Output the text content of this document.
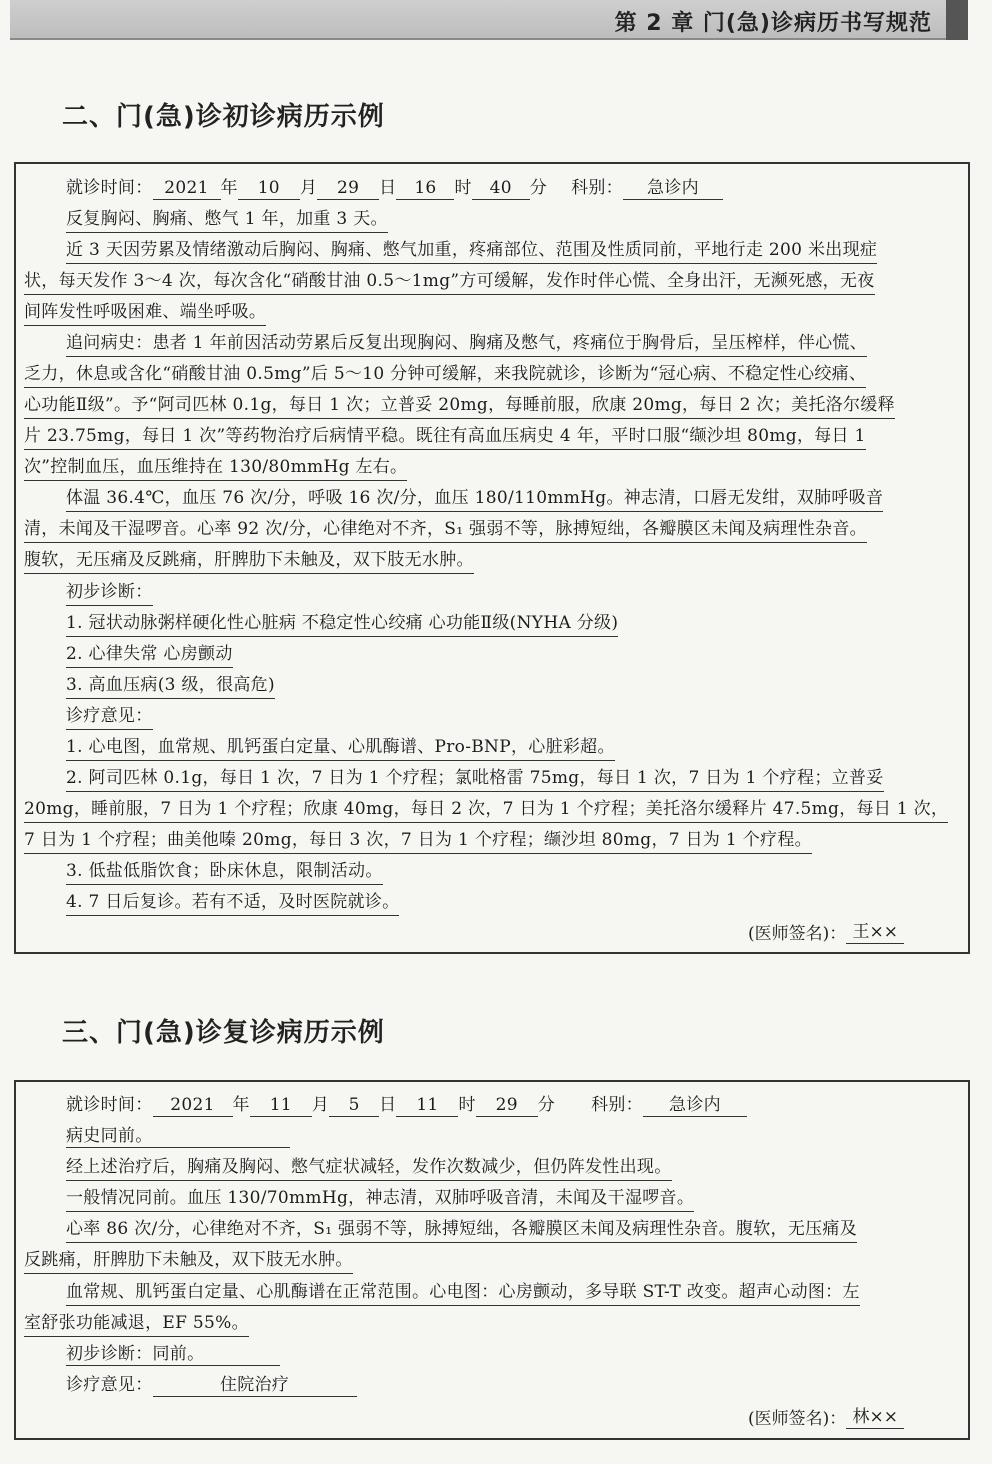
第 2 章 门(急)诊病历书写规范
二、门(急)诊初诊病历示例
就诊时间： 2021 年 10 月 29 日 16 时 40 分 科别： 急诊内
反复胸闷、胸痛、憋气 1 年，加重 3 天。
近 3 天因劳累及情绪激动后胸闷、胸痛、憋气加重，疼痛部位、范围及性质同前，平地行走 200 米出现症
状，每天发作 3～4 次，每次含化“硝酸甘油 0.5～1mg”方可缓解，发作时伴心慌、全身出汗，无濒死感，无夜
间阵发性呼吸困难、端坐呼吸。
追问病史：患者 1 年前因活动劳累后反复出现胸闷、胸痛及憋气，疼痛位于胸骨后，呈压榨样，伴心慌、
乏力，休息或含化“硝酸甘油 0.5mg”后 5～10 分钟可缓解，来我院就诊，诊断为“冠心病、不稳定性心绞痛、
心功能Ⅱ级”。予“阿司匹林 0.1g，每日 1 次；立普妥 20mg，每睡前服，欣康 20mg，每日 2 次；美托洛尔缓释
片 23.75mg，每日 1 次”等药物治疗后病情平稳。既往有高血压病史 4 年，平时口服“缬沙坦 80mg，每日 1
次”控制血压，血压维持在 130/80mmHg 左右。
体温 36.4℃，血压 76 次/分，呼吸 16 次/分，血压 180/110mmHg。神志清，口唇无发绀，双肺呼吸音
清，未闻及干湿啰音。心率 92 次/分，心律绝对不齐，S₁ 强弱不等，脉搏短绌，各瓣膜区未闻及病理性杂音。
腹软，无压痛及反跳痛，肝脾肋下未触及，双下肢无水肿。
初步诊断：
1. 冠状动脉粥样硬化性心脏病 不稳定性心绞痛 心功能Ⅱ级(NYHA 分级)
2. 心律失常 心房颤动
3. 高血压病(3 级，很高危)
诊疗意见：
1. 心电图，血常规、肌钙蛋白定量、心肌酶谱、Pro-BNP，心脏彩超。
2. 阿司匹林 0.1g，每日 1 次，7 日为 1 个疗程；氯吡格雷 75mg，每日 1 次，7 日为 1 个疗程；立普妥
20mg，睡前服，7 日为 1 个疗程；欣康 40mg，每日 2 次，7 日为 1 个疗程；美托洛尔缓释片 47.5mg，每日 1 次，
7 日为 1 个疗程；曲美他嗪 20mg，每日 3 次，7 日为 1 个疗程；缬沙坦 80mg，7 日为 1 个疗程。
3. 低盐低脂饮食；卧床休息，限制活动。
4. 7 日后复诊。若有不适，及时医院就诊。
(医师签名)： 王××
三、门(急)诊复诊病历示例
就诊时间： 2021 年 11 月 5 日 11 时 29 分 科别： 急诊内
病史同前。
经上述治疗后，胸痛及胸闷、憋气症状减轻，发作次数减少，但仍阵发性出现。
一般情况同前。血压 130/70mmHg，神志清，双肺呼吸音清，未闻及干湿啰音。
心率 86 次/分，心律绝对不齐，S₁ 强弱不等，脉搏短绌，各瓣膜区未闻及病理性杂音。腹软，无压痛及
反跳痛，肝脾肋下未触及，双下肢无水肿。
血常规、肌钙蛋白定量、心肌酶谱在正常范围。心电图：心房颤动，多导联 ST-T 改变。超声心动图：左
室舒张功能减退，EF 55%。
初步诊断：同前。
诊疗意见：	住院治疗
(医师签名)： 林××
